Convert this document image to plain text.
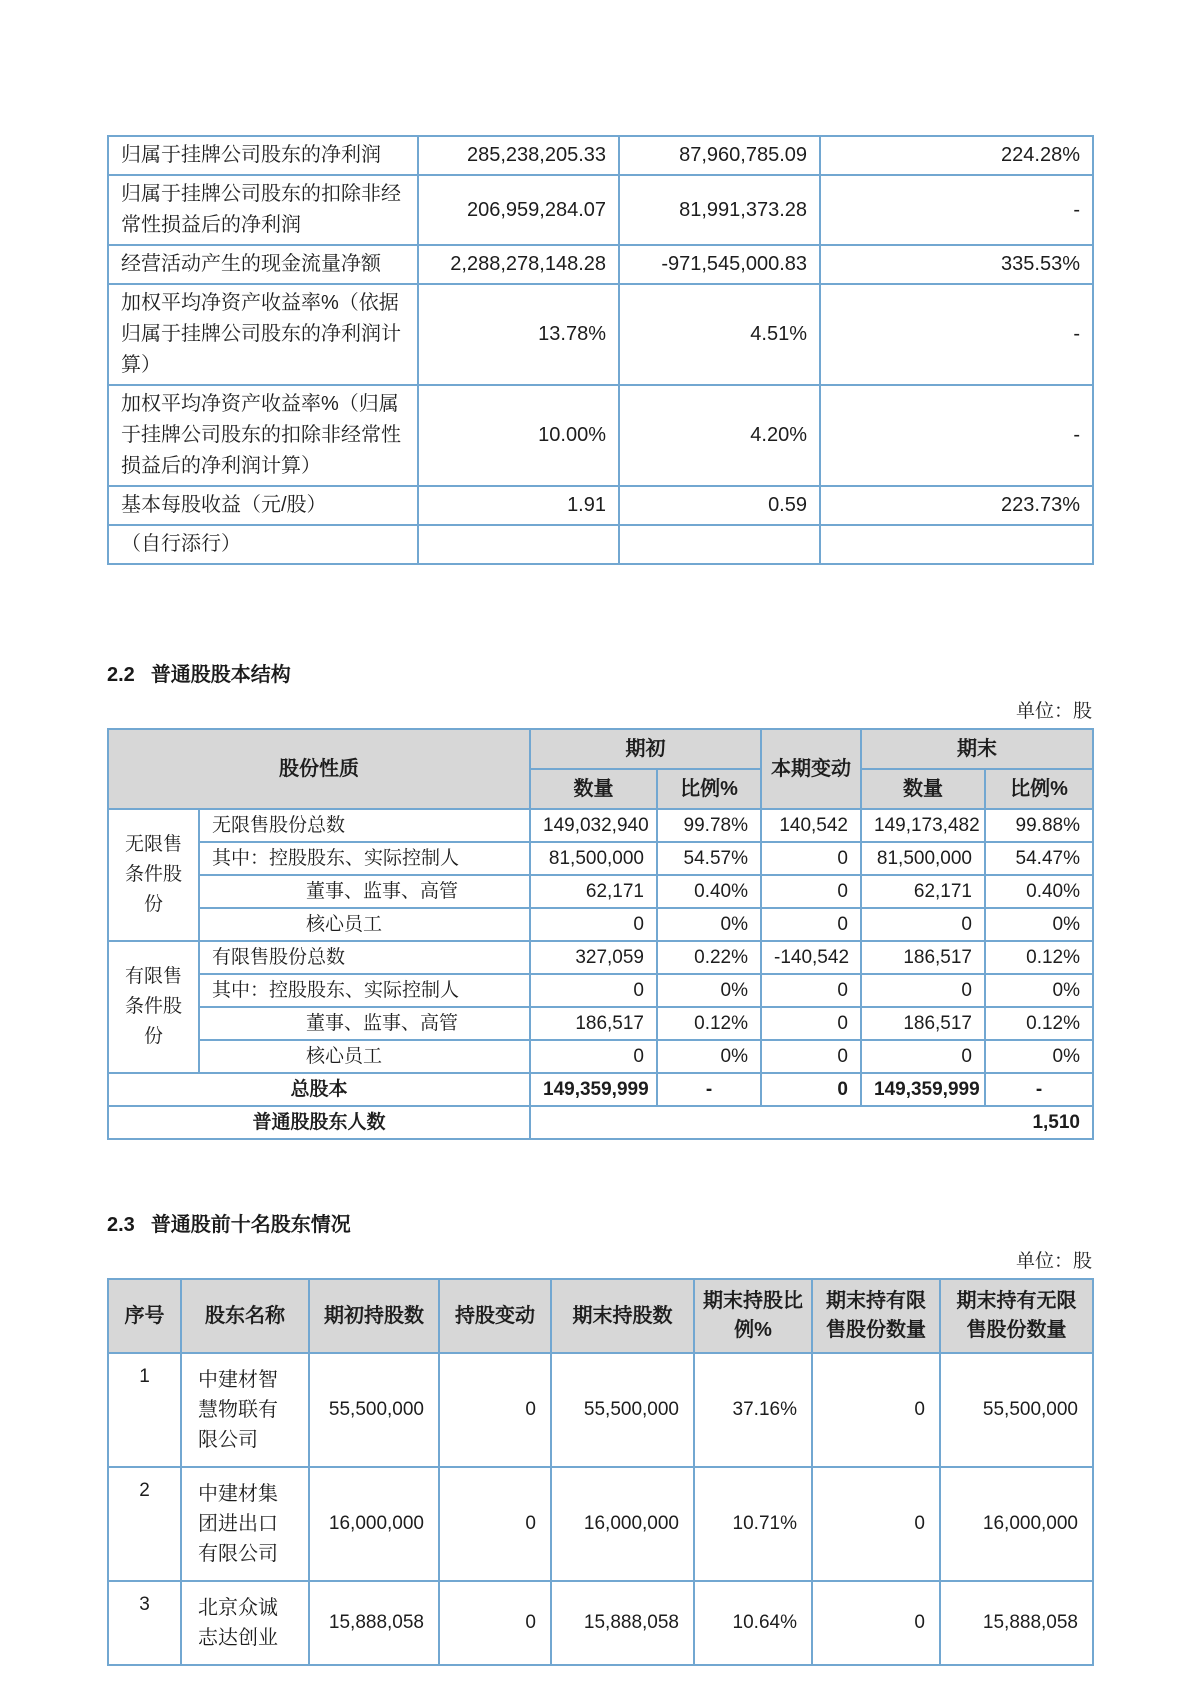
归属于挂牌公司股东的净利润	285,238,205.33	87,960,785.09	224.28%
归属于挂牌公司股东的扣除非经常性损益后的净利润	206,959,284.07	81,991,373.28	-
经营活动产生的现金流量净额	2,288,278,148.28	-971,545,000.83	335.53%
加权平均净资产收益率%（依据归属于挂牌公司股东的净利润计算）	13.78%	4.51%	-
加权平均净资产收益率%（归属于挂牌公司股东的扣除非经常性损益后的净利润计算）	10.00%	4.20%	-
基本每股收益（元/股）	1.91	0.59	223.73%
（自行添行）			
2.2 普通股股本结构
单位：股
股份性质		期初		本期变动	期末	
		数量	比例%		数量	比例%
无限售条件股份	无限售股份总数	149,032,940	99.78%	140,542	149,173,482	99.88%
	其中：控股股东、实际控制人	81,500,000	54.57%	0	81,500,000	54.47%
	董事、监事、高管	62,171	0.40%	0	62,171	0.40%
	核心员工	0	0%	0	0	0%
有限售条件股份	有限售股份总数	327,059	0.22%	-140,542	186,517	0.12%
	其中：控股股东、实际控制人	0	0%	0	0	0%
	董事、监事、高管	186,517	0.12%	0	186,517	0.12%
	核心员工	0	0%	0	0	0%
总股本		149,359,999	-	0	149,359,999	-
普通股股东人数		1,510				
2.3 普通股前十名股东情况
单位：股
序号	股东名称	期初持股数	持股变动	期末持股数	期末持股比例%	期末持有限售股份数量	期末持有无限售股份数量
1	中建材智慧物联有限公司	55,500,000	0	55,500,000	37.16%	0	55,500,000
2	中建材集团进出口有限公司	16,000,000	0	16,000,000	10.71%	0	16,000,000
3	北京众诚志达创业	15,888,058	0	15,888,058	10.64%	0	15,888,058
